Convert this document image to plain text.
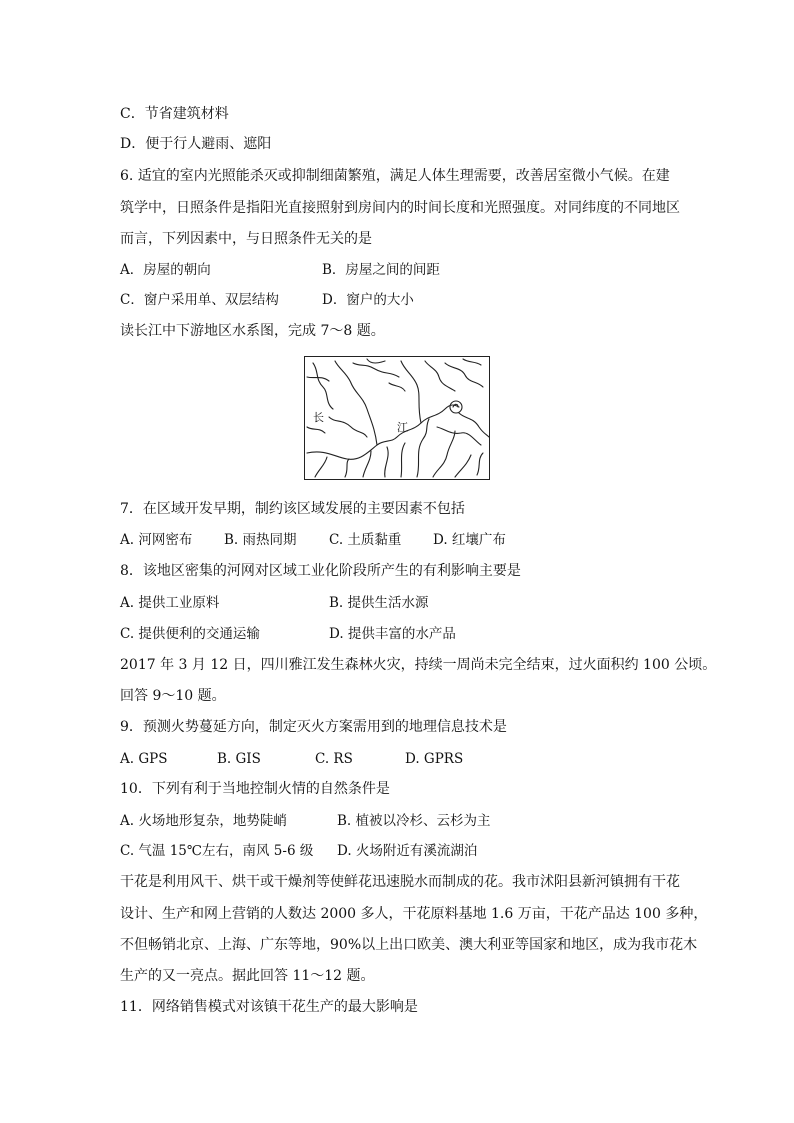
C．节省建筑材料
D．便于行人避雨、遮阳
6. 适宜的室内光照能杀灭或抑制细菌繁殖，满足人体生理需要，改善居室微小气候。在建
筑学中，日照条件是指阳光直接照射到房间内的时间长度和光照强度。对同纬度的不同地区
而言，下列因素中，与日照条件无关的是
A．房屋的朝向	B．房屋之间的间距
C．窗户采用单、双层结构	D．窗户的大小
读长江中下游地区水系图，完成 7～8 题。
长
江
7．在区域开发早期，制约该区域发展的主要因素不包括
A. 河网密布 B. 雨热同期 C. 土质黏重 D. 红壤广布
8．该地区密集的河网对区域工业化阶段所产生的有利影响主要是
A. 提供工业原料	B. 提供生活水源
C. 提供便利的交通运输	D. 提供丰富的水产品
2017 年 3 月 12 日，四川雅江发生森林火灾，持续一周尚未完全结束，过火面积约 100 公顷。
回答 9～10 题。
9．预测火势蔓延方向，制定灭火方案需用到的地理信息技术是
A. GPS	B. GIS	C. RS	D. GPRS
10．下列有利于当地控制火情的自然条件是
A. 火场地形复杂，地势陡峭	B. 植被以冷杉、云杉为主
C. 气温 15℃左右，南风 5-6 级 D. 火场附近有溪流湖泊
干花是利用风干、烘干或干燥剂等使鲜花迅速脱水而制成的花。我市沭阳县新河镇拥有干花
设计、生产和网上营销的人数达 2000 多人，干花原料基地 1.6 万亩，干花产品达 100 多种，
不但畅销北京、上海、广东等地，90%以上出口欧美、澳大利亚等国家和地区，成为我市花木
生产的又一亮点。据此回答 11～12 题。
11．网络销售模式对该镇干花生产的最大影响是
